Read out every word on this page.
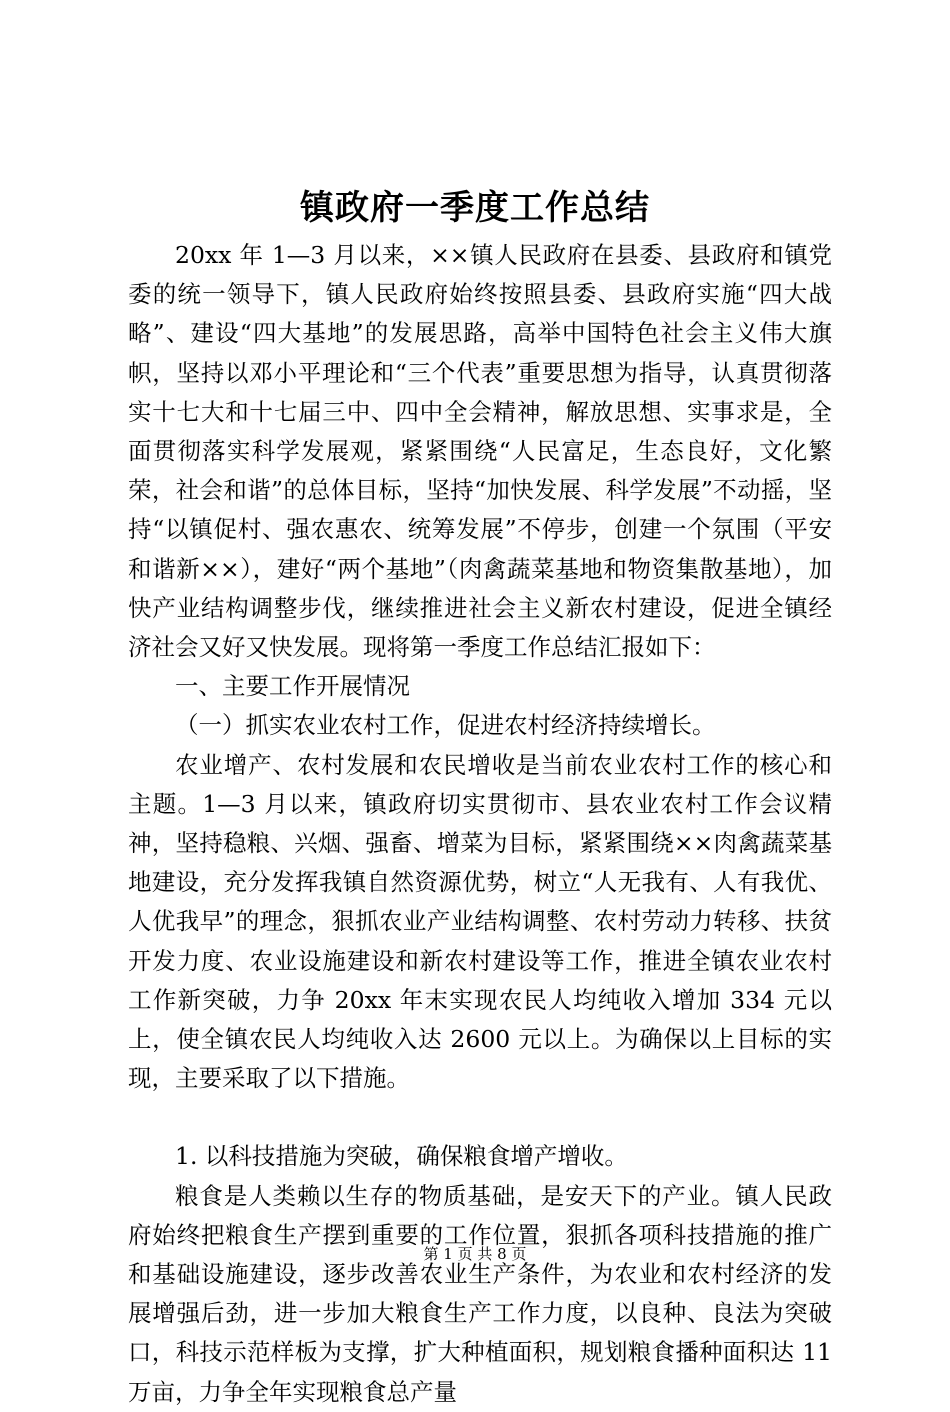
镇政府一季度工作总结

20xx 年 1—3 月以来，××镇人民政府在县委、县政府和镇党委的统一领导下，镇人民政府始终按照县委、县政府实施“四大战略”、建设“四大基地”的发展思路，高举中国特色社会主义伟大旗帜，坚持以邓小平理论和“三个代表”重要思想为指导，认真贯彻落实十七大和十七届三中、四中全会精神，解放思想、实事求是，全面贯彻落实科学发展观，紧紧围绕“人民富足，生态良好，文化繁荣，社会和谐”的总体目标，坚持“加快发展、科学发展”不动摇，坚持“以镇促村、强农惠农、统筹发展”不停步，创建一个氛围（平安和谐新××），建好“两个基地”（肉禽蔬菜基地和物资集散基地），加快产业结构调整步伐，继续推进社会主义新农村建设，促进全镇经济社会又好又快发展。现将第一季度工作总结汇报如下：

一、主要工作开展情况

（一）抓实农业农村工作，促进农村经济持续增长。

农业增产、农村发展和农民增收是当前农业农村工作的核心和主题。1—3 月以来，镇政府切实贯彻市、县农业农村工作会议精神，坚持稳粮、兴烟、强畜、增菜为目标，紧紧围绕××肉禽蔬菜基地建设，充分发挥我镇自然资源优势，树立“人无我有、人有我优、人优我早”的理念，狠抓农业产业结构调整、农村劳动力转移、扶贫开发力度、农业设施建设和新农村建设等工作，推进全镇农业农村工作新突破，力争 20xx 年末实现农民人均纯收入增加 334 元以上，使全镇农民人均纯收入达 2600 元以上。为确保以上目标的实现，主要采取了以下措施。

1. 以科技措施为突破，确保粮食增产增收。

粮食是人类赖以生存的物质基础，是安天下的产业。镇人民政府始终把粮食生产摆到重要的工作位置，狠抓各项科技措施的推广和基础设施建设，逐步改善农业生产条件，为农业和农村经济的发展增强后劲，进一步加大粮食生产工作力度，以良种、良法为突破口，科技示范样板为支撑，扩大种植面积，规划粮食播种面积达 11 万亩，力争全年实现粮食总产量

第 1 页 共 8 页
